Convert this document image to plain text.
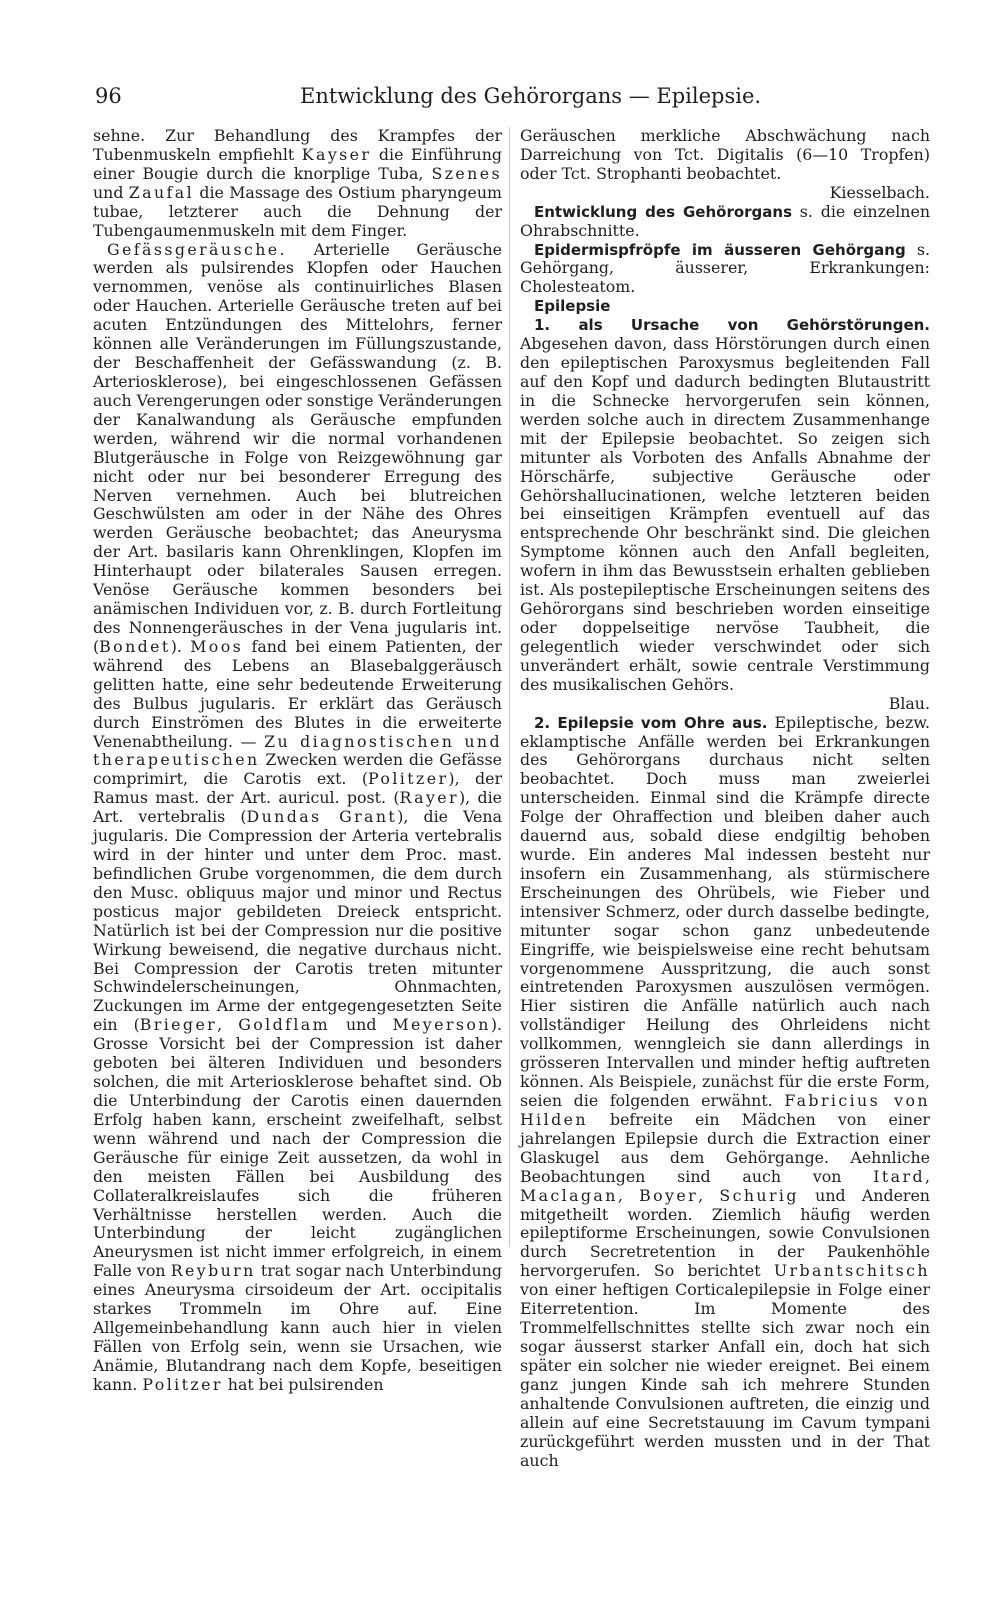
96	Entwicklung des Gehörorgans — Epilepsie.

sehne. Zur Behandlung des Krampfes der Tubenmuskeln empfiehlt Kayser die Einführung einer Bougie durch die knorplige Tuba, Szenes und Zaufal die Massage des Ostium pharyngeum tubae, letzterer auch die Dehnung der Tubengaumenmuskeln mit dem Finger.

Gefässgeräusche. Arterielle Geräusche werden als pulsirendes Klopfen oder Hauchen vernommen, venöse als continuirliches Blasen oder Hauchen. Arterielle Geräusche treten auf bei acuten Entzündungen des Mittelohrs, ferner können alle Veränderungen im Füllungszustande, der Beschaffenheit der Gefässwandung (z. B. Arteriosklerose), bei eingeschlossenen Gefässen auch Verengerungen oder sonstige Veränderungen der Kanalwandung als Geräusche empfunden werden, während wir die normal vorhandenen Blutgeräusche in Folge von Reizgewöhnung gar nicht oder nur bei besonderer Erregung des Nerven vernehmen. Auch bei blutreichen Geschwülsten am oder in der Nähe des Ohres werden Geräusche beobachtet; das Aneurysma der Art. basilaris kann Ohrenklingen, Klopfen im Hinterhaupt oder bilaterales Sausen erregen. Venöse Geräusche kommen besonders bei anämischen Individuen vor, z. B. durch Fortleitung des Nonnengeräusches in der Vena jugularis int. (Bondet). Moos fand bei einem Patienten, der während des Lebens an Blasebalggeräusch gelitten hatte, eine sehr bedeutende Erweiterung des Bulbus jugularis. Er erklärt das Geräusch durch Einströmen des Blutes in die erweiterte Venenabtheilung. — Zu diagnostischen und therapeutischen Zwecken werden die Gefässe comprimirt, die Carotis ext. (Politzer), der Ramus mast. der Art. auricul. post. (Rayer), die Art. vertebralis (Dundas Grant), die Vena jugularis. Die Compression der Arteria vertebralis wird in der hinter und unter dem Proc. mast. befindlichen Grube vorgenommen, die dem durch den Musc. obliquus major und minor und Rectus posticus major gebildeten Dreieck entspricht. Natürlich ist bei der Compression nur die positive Wirkung beweisend, die negative durchaus nicht. Bei Compression der Carotis treten mitunter Schwindelerscheinungen, Ohnmachten, Zuckungen im Arme der entgegengesetzten Seite ein (Brieger, Goldflam und Meyerson). Grosse Vorsicht bei der Compression ist daher geboten bei älteren Individuen und besonders solchen, die mit Arteriosklerose behaftet sind. Ob die Unterbindung der Carotis einen dauernden Erfolg haben kann, erscheint zweifelhaft, selbst wenn während und nach der Compression die Geräusche für einige Zeit aussetzen, da wohl in den meisten Fällen bei Ausbildung des Collateralkreislaufes sich die früheren Verhältnisse herstellen werden. Auch die Unterbindung der leicht zugänglichen Aneurysmen ist nicht immer erfolgreich, in einem Falle von Reyburn trat sogar nach Unterbindung eines Aneurysma cirsoideum der Art. occipitalis starkes Trommeln im Ohre auf. Eine Allgemeinbehandlung kann auch hier in vielen Fällen von Erfolg sein, wenn sie Ursachen, wie Anämie, Blutandrang nach dem Kopfe, beseitigen kann. Politzer hat bei pulsirenden

Geräuschen merkliche Abschwächung nach Darreichung von Tct. Digitalis (6—10 Tropfen) oder Tct. Strophanti beobachtet.

Kiesselbach.

Entwicklung des Gehörorgans s. die einzelnen Ohrabschnitte.

Epidermispfröpfe im äusseren Gehörgang s. Gehörgang, äusserer, Erkrankungen: Cholesteatom.

Epilepsie

1. als Ursache von Gehörstörungen. Abgesehen davon, dass Hörstörungen durch einen den epileptischen Paroxysmus begleitenden Fall auf den Kopf und dadurch bedingten Blutaustritt in die Schnecke hervorgerufen sein können, werden solche auch in directem Zusammenhange mit der Epilepsie beobachtet. So zeigen sich mitunter als Vorboten des Anfalls Abnahme der Hörschärfe, subjective Geräusche oder Gehörshallucinationen, welche letzteren beiden bei einseitigen Krämpfen eventuell auf das entsprechende Ohr beschränkt sind. Die gleichen Symptome können auch den Anfall begleiten, wofern in ihm das Bewusstsein erhalten geblieben ist. Als postepileptische Erscheinungen seitens des Gehörorgans sind beschrieben worden einseitige oder doppelseitige nervöse Taubheit, die gelegentlich wieder verschwindet oder sich unverändert erhält, sowie centrale Verstimmung des musikalischen Gehörs.

Blau.

2. Epilepsie vom Ohre aus. Epileptische, bezw. eklamptische Anfälle werden bei Erkrankungen des Gehörorgans durchaus nicht selten beobachtet. Doch muss man zweierlei unterscheiden. Einmal sind die Krämpfe directe Folge der Ohraffection und bleiben daher auch dauernd aus, sobald diese endgiltig behoben wurde. Ein anderes Mal indessen besteht nur insofern ein Zusammenhang, als stürmischere Erscheinungen des Ohrübels, wie Fieber und intensiver Schmerz, oder durch dasselbe bedingte, mitunter sogar schon ganz unbedeutende Eingriffe, wie beispielsweise eine recht behutsam vorgenommene Ausspritzung, die auch sonst eintretenden Paroxysmen auszulösen vermögen. Hier sistiren die Anfälle natürlich auch nach vollständiger Heilung des Ohrleidens nicht vollkommen, wenngleich sie dann allerdings in grösseren Intervallen und minder heftig auftreten können. Als Beispiele, zunächst für die erste Form, seien die folgenden erwähnt. Fabricius von Hilden befreite ein Mädchen von einer jahrelangen Epilepsie durch die Extraction einer Glaskugel aus dem Gehörgange. Aehnliche Beobachtungen sind auch von Itard, Maclagan, Boyer, Schurig und Anderen mitgetheilt worden. Ziemlich häufig werden epileptiforme Erscheinungen, sowie Convulsionen durch Secretretention in der Paukenhöhle hervorgerufen. So berichtet Urbantschitsch von einer heftigen Corticalepilepsie in Folge einer Eiterretention. Im Momente des Trommelfellschnittes stellte sich zwar noch ein sogar äusserst starker Anfall ein, doch hat sich später ein solcher nie wieder ereignet. Bei einem ganz jungen Kinde sah ich mehrere Stunden anhaltende Convulsionen auftreten, die einzig und allein auf eine Secretstauung im Cavum tympani zurückgeführt werden mussten und in der That auch
